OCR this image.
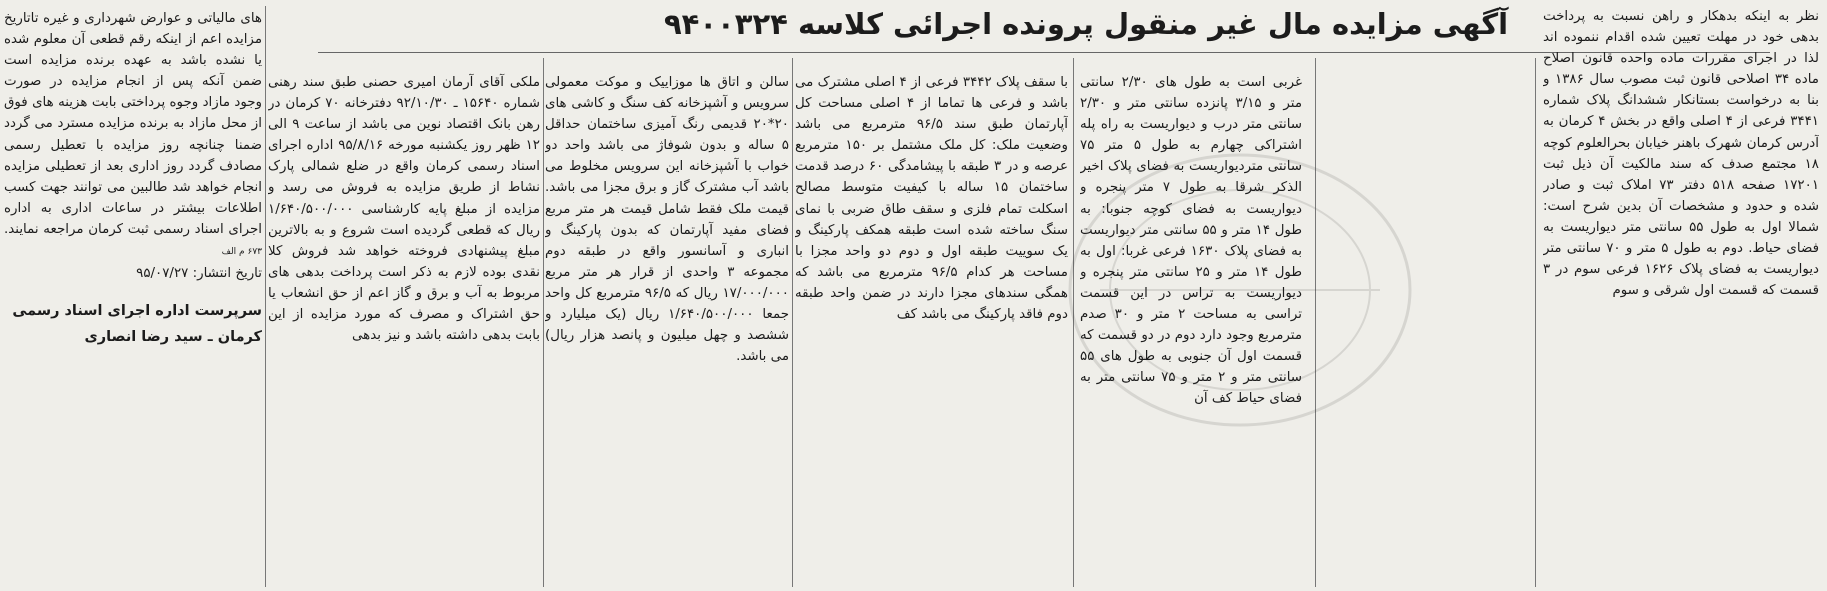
آگهی مزایده مال غیر منقول پرونده اجرائی کلاسه ۹۴۰۰۳۲۴	نظر به اینکه بدهکار و راهن نسبت به پرداخت بدهی خود در مهلت تعیین شده اقدام ننموده اند لذا در اجرای مقررات ماده واحده قانون اصلاح ماده ۳۴ اصلاحی قانون ثبت مصوب سال ۱۳۸۶ و بنا به درخواست بستانکار ششدانگ پلاک شماره ۳۴۴۱ فرعی از ۴ اصلی واقع در بخش ۴ کرمان به آدرس کرمان شهرک باهنر خیابان بحرالعلوم کوچه ۱۸ مجتمع صدف که سند مالکیت آن ذیل ثبت ۱۷۲۰۱ صفحه ۵۱۸ دفتر ۷۳ املاک ثبت و صادر شده و حدود و مشخصات آن بدین شرح است: شمالا اول به طول ۵۵ سانتی متر دیواریست به فضای حیاط. دوم به طول ۵ متر و ۷۰ سانتی متر دیواریست به فضای پلاک ۱۶۲۶ فرعی سوم در ۳ قسمت که قسمت اول شرقی و سوم

غربی است به طول های ۲/۳۰ سانتی متر و ۳/۱۵ پانزده سانتی متر و ۲/۳۰ سانتی متر درب و دیواریست به راه پله اشتراکی چهارم به طول ۵ متر ۷۵ سانتی متردیواریست به فضای پلاک اخیر الذکر شرقا به طول ۷ متر پنجره و دیواریست به فضای کوچه جنوبا: به طول ۱۴ متر و ۵۵ سانتی متر دیواریست به فضای پلاک ۱۶۳۰ فرعی غربا: اول به طول ۱۴ متر و ۲۵ سانتی متر پنجره و دیواریست به تراس در این قسمت تراسی به مساحت ۲ متر و ۳۰ صدم مترمربع وجود دارد دوم در دو قسمت که قسمت اول آن جنوبی به طول های ۵۵ سانتی متر و ۲ متر و ۷۵ سانتی متر به فضای حیاط کف آن

با سقف پلاک ۳۴۴۲ فرعی از ۴ اصلی مشترک می باشد و فرعی ها تماما از ۴ اصلی مساحت کل آپارتمان طبق سند ۹۶/۵ مترمربع می باشد وضعیت ملک: کل ملک مشتمل بر ۱۵۰ مترمربع عرصه و در ۳ طبقه با پیشامدگی ۶۰ درصد قدمت ساختمان ۱۵ ساله با کیفیت متوسط مصالح اسکلت تمام فلزی و سقف طاق ضربی با نمای سنگ ساخته شده است طبقه همکف پارکینگ و یک سوییت طبقه اول و دوم دو واحد مجزا با مساحت هر کدام ۹۶/۵ مترمربع می باشد که همگی سندهای مجزا دارند در ضمن واحد طبقه دوم فاقد پارکینگ می باشد کف

سالن و اتاق ها موزاییک و موکت معمولی سرویس و آشپزخانه کف سنگ و کاشی های ۲۰*۲۰ قدیمی رنگ آمیزی ساختمان حداقل ۵ ساله و بدون شوفاژ می باشد واحد دو خواب با آشپزخانه این سرویس مخلوط می باشد آب مشترک گاز و برق مجزا می باشد. قیمت ملک فقط شامل قیمت هر متر مربع فضای مفید آپارتمان که بدون پارکینگ و انباری و آسانسور واقع در طبقه دوم مجموعه ۳ واحدی از قرار هر متر مربع ۱۷/۰۰۰/۰۰۰ ریال که ۹۶/۵ مترمربع کل واحد جمعا ۱/۶۴۰/۵۰۰/۰۰۰ ریال (یک میلیارد و ششصد و چهل میلیون و پانصد هزار ریال) می باشد.

ملکی آقای آرمان امیری حصنی طبق سند رهنی شماره ۱۵۶۴۰ ـ ۹۲/۱۰/۳۰ دفترخانه ۷۰ کرمان در رهن بانک اقتصاد نوین می باشد از ساعت ۹ الی ۱۲ ظهر روز یکشنبه مورخه ۹۵/۸/۱۶ اداره اجرای اسناد رسمی کرمان واقع در ضلع شمالی پارک نشاط از طریق مزایده به فروش می رسد و مزایده از مبلغ پایه کارشناسی ۱/۶۴۰/۵۰۰/۰۰۰ ریال که قطعی گردیده است شروع و به بالاترین مبلغ پیشنهادی فروخته خواهد شد فروش کلا نقدی بوده لازم به ذکر است پرداخت بدهی های مربوط به آب و برق و گاز اعم از حق انشعاب یا حق اشتراک و مصرف که مورد مزایده از این بابت بدهی داشته باشد و نیز بدهی

های مالیاتی و عوارض شهرداری و غیره تاتاریخ مزایده اعم از اینکه رقم قطعی آن معلوم شده یا نشده باشد به عهده برنده مزایده است ضمن آنکه پس از انجام مزایده در صورت وجود مازاد وجوه پرداختی بابت هزینه های فوق از محل مازاد به برنده مزایده مسترد می گردد ضمنا چنانچه روز مزایده با تعطیل رسمی مصادف گردد روز اداری بعد از تعطیلی مزایده انجام خواهد شد طالبین می توانند جهت کسب اطلاعات بیشتر در ساعات اداری به اداره اجرای اسناد رسمی ثبت کرمان مراجعه نمایند. ۶۷۳ م الف

تاریخ انتشار: ۹۵/۰۷/۲۷

سرپرست اداره اجرای اسناد رسمی
کرمان ـ سید رضا انصاری
